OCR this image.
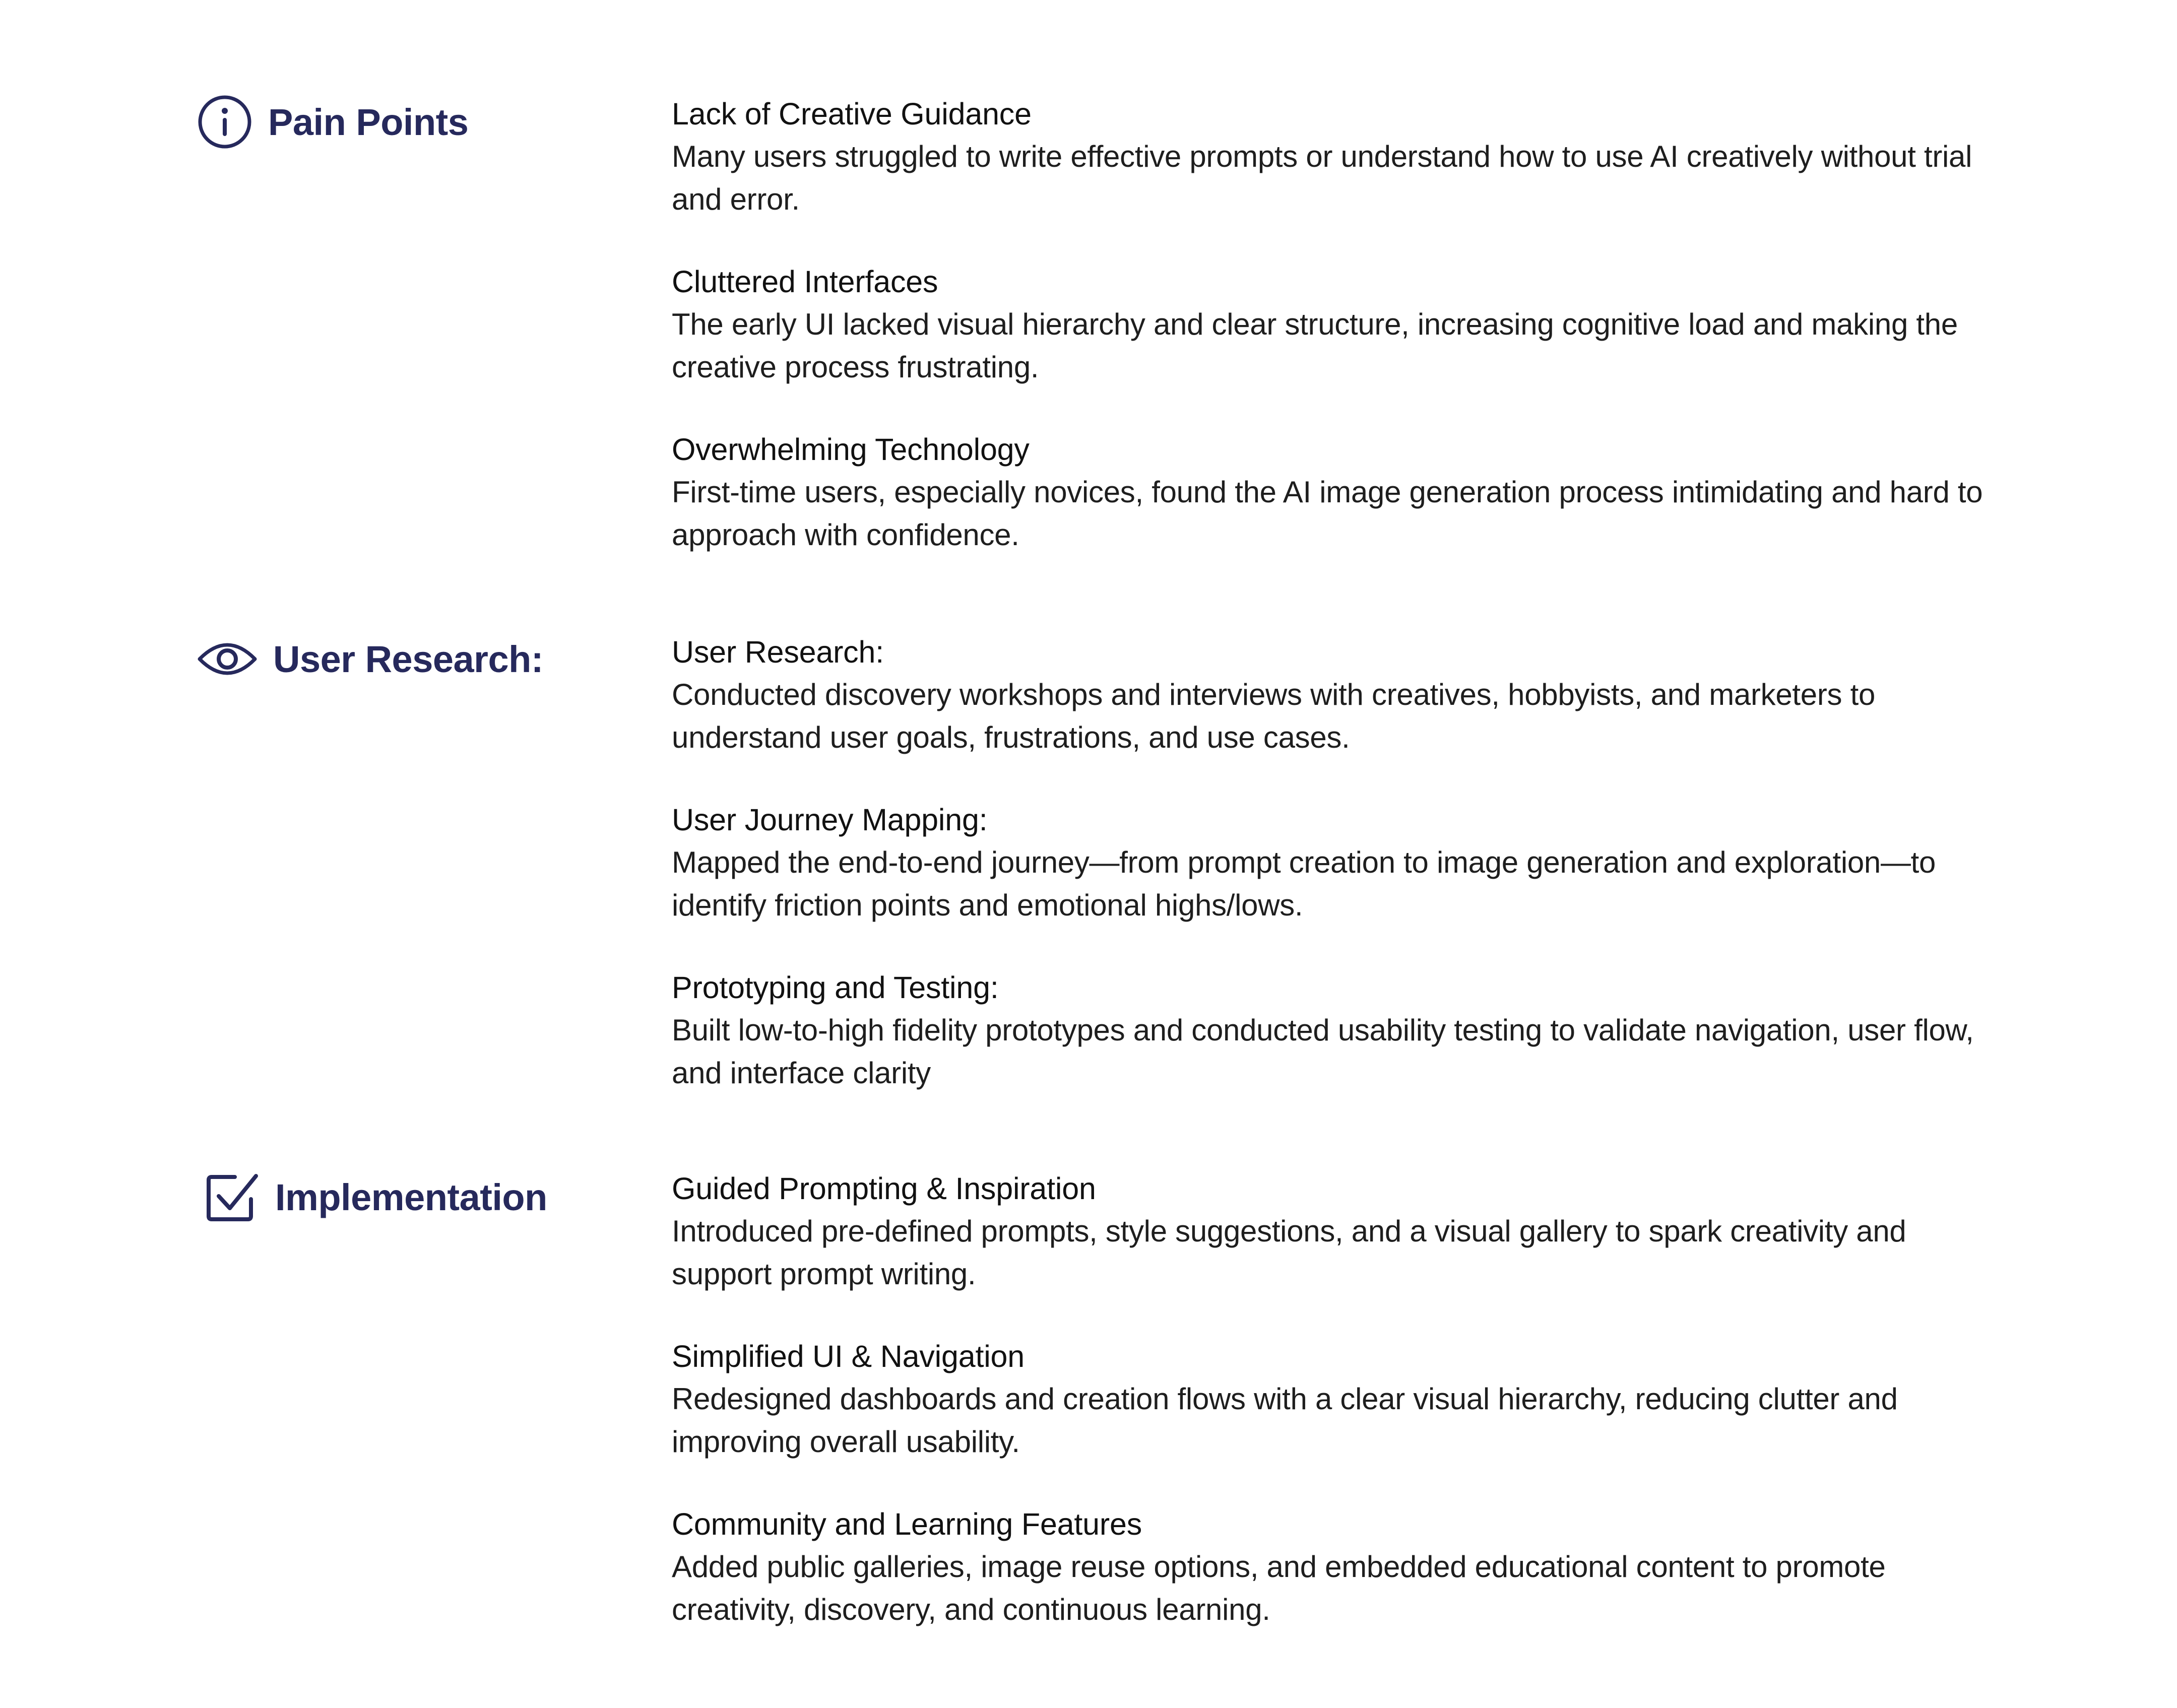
Pain Points	Lack of Creative Guidance
Many users struggled to write effective prompts or understand how to use AI creatively without trial and error.
Cluttered Interfaces
The early UI lacked visual hierarchy and clear structure, increasing cognitive load and making the creative process frustrating.
Overwhelming Technology
First-time users, especially novices, found the AI image generation process intimidating and hard to approach with confidence.
User Research:	User Research:
Conducted discovery workshops and interviews with creatives, hobbyists, and marketers to understand user goals, frustrations, and use cases.
User Journey Mapping:
Mapped the end-to-end journey—from prompt creation to image generation and exploration—to identify friction points and emotional highs/lows.
Prototyping and Testing:
Built low-to-high fidelity prototypes and conducted usability testing to validate navigation, user flow, and interface clarity
Implementation	Guided Prompting & Inspiration
Introduced pre-defined prompts, style suggestions, and a visual gallery to spark creativity and support prompt writing.
Simplified UI & Navigation
Redesigned dashboards and creation flows with a clear visual hierarchy, reducing clutter and improving overall usability.
Community and Learning Features
Added public galleries, image reuse options, and embedded educational content to promote creativity, discovery, and continuous learning.
